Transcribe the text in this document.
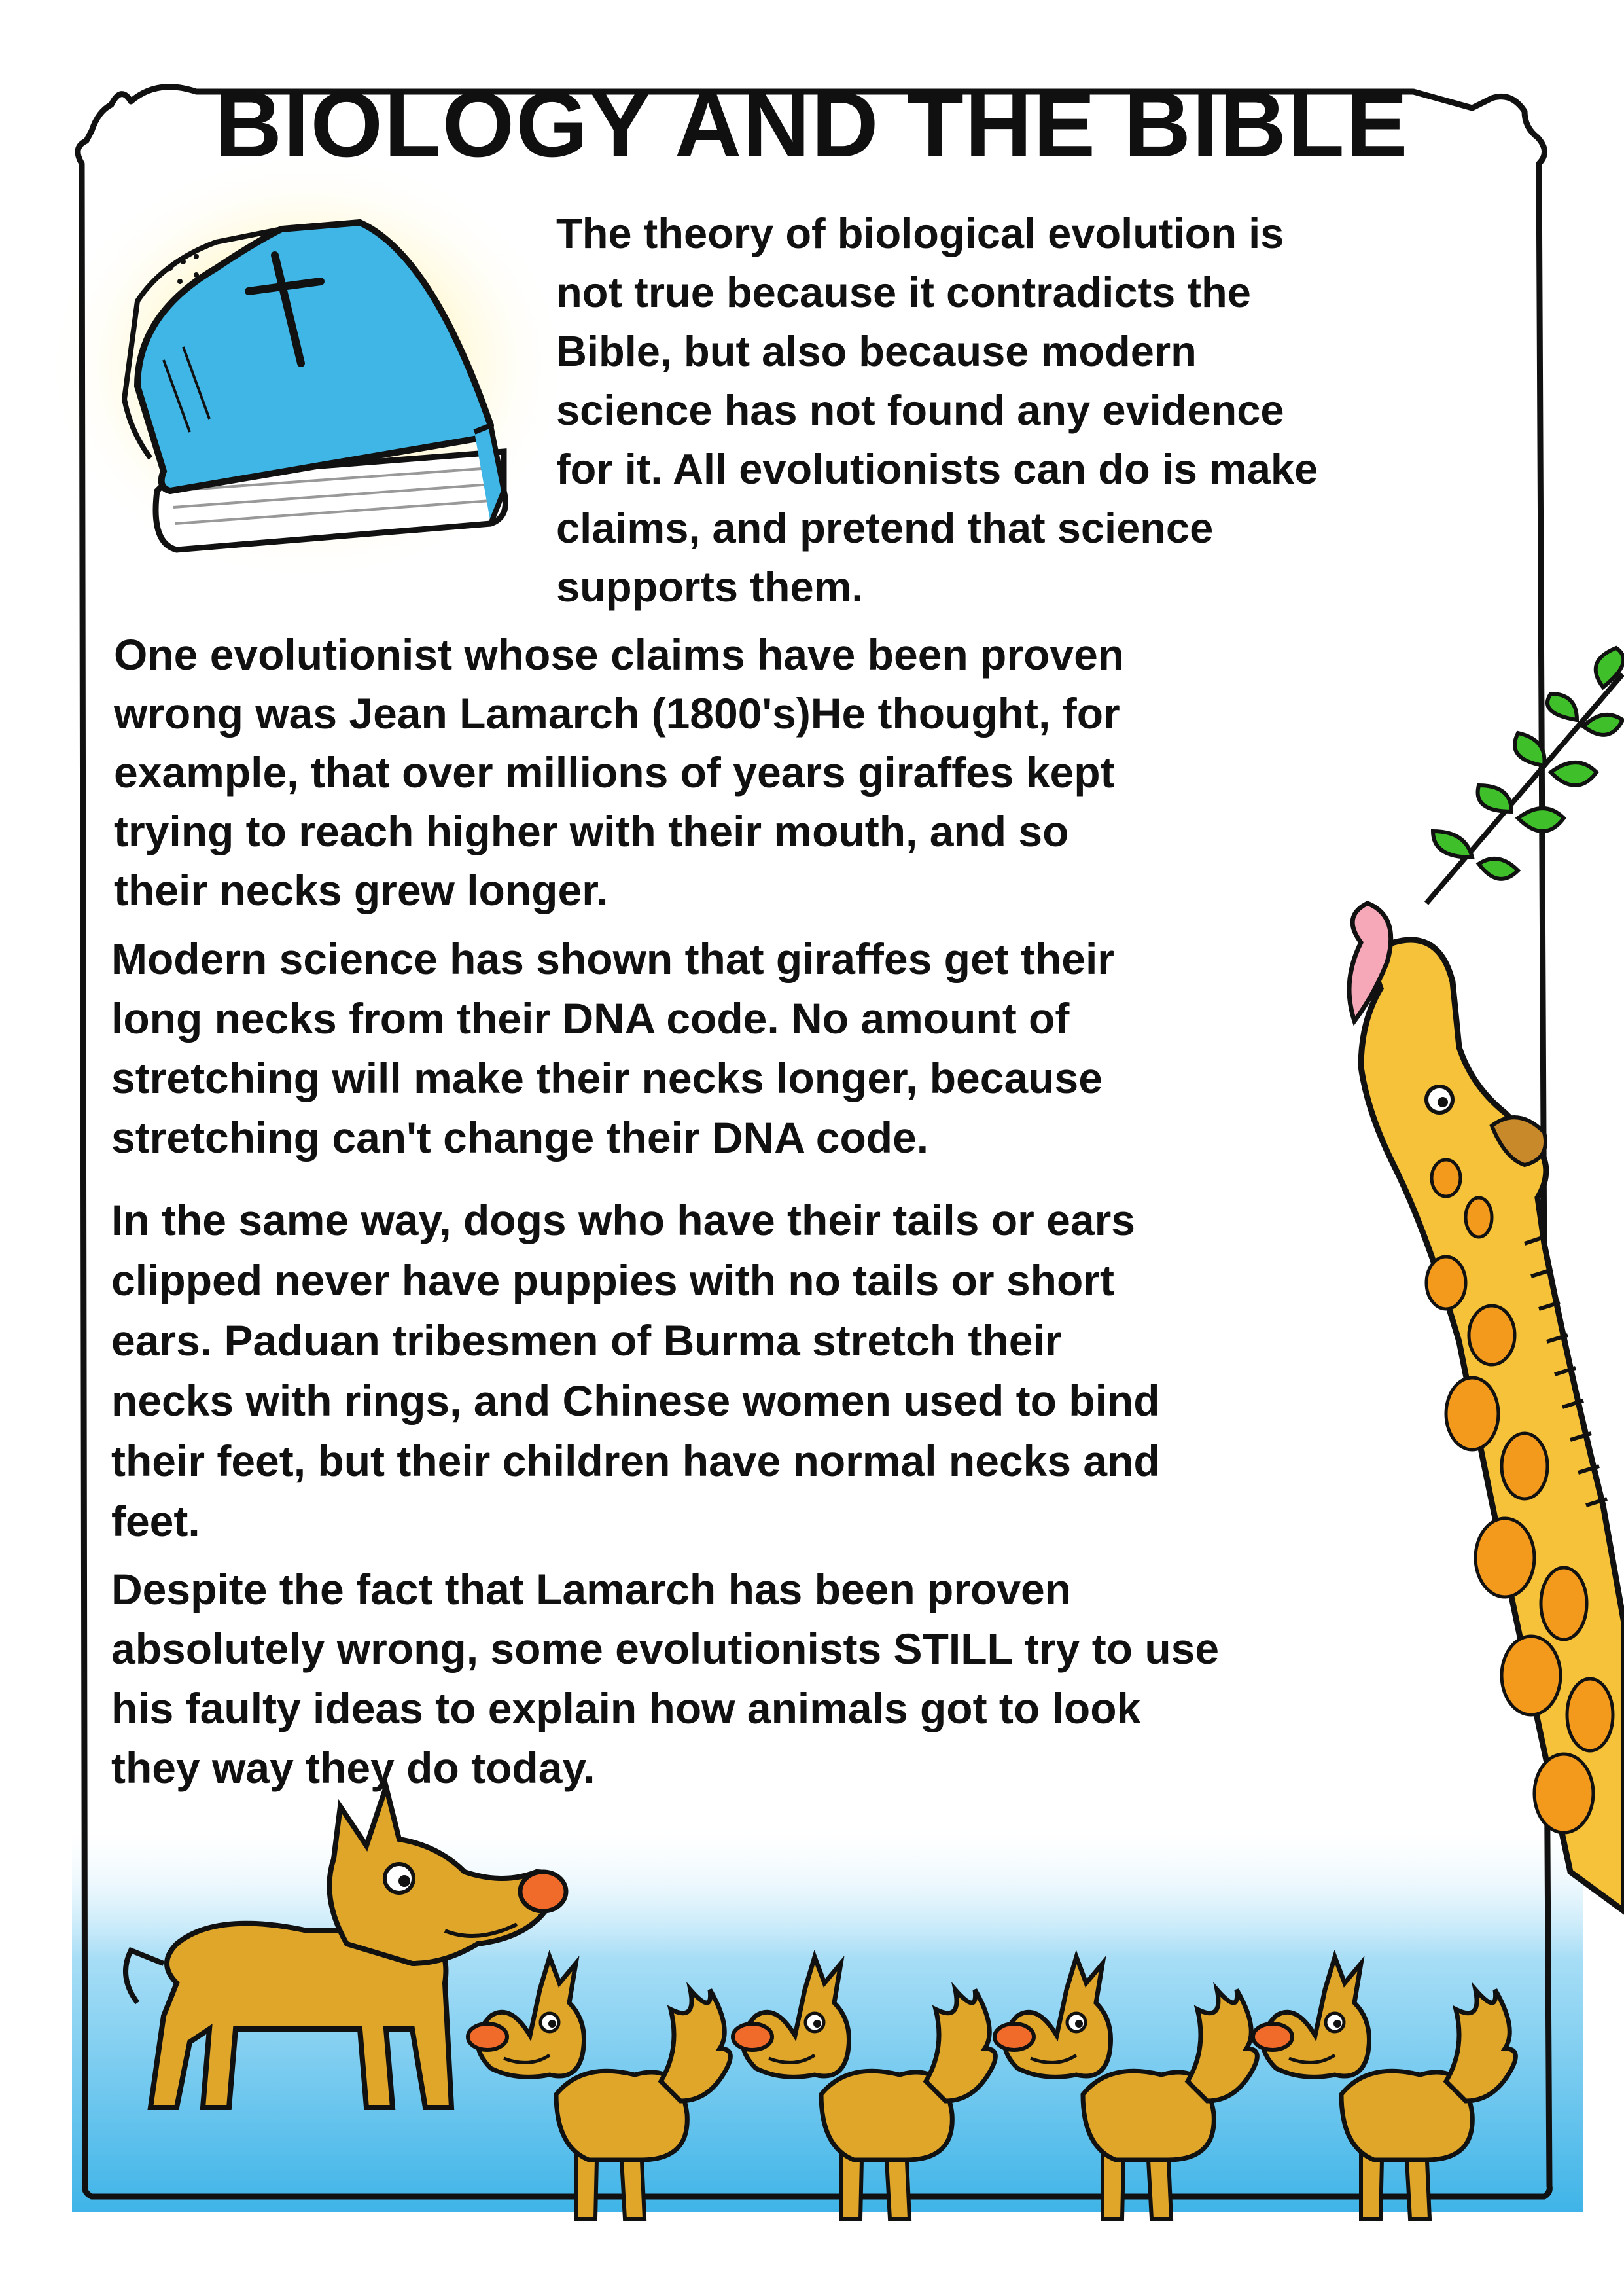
BIOLOGY AND THE BIBLE
The theory of biological evolution is
not true because it contradicts the
Bible, but also because modern
science has not found any evidence
for it. All evolutionists can do is make
claims, and pretend that science
supports them.
One evolutionist whose claims have been proven
wrong was Jean Lamarch (1800's)He thought, for
example, that over millions of years giraffes kept
trying to reach higher with their mouth, and so
their necks grew longer.
Modern science has shown that giraffes get their
long necks from their DNA code. No amount of
stretching will make their necks longer, because
stretching can't change their DNA code.
In the same way, dogs who have their tails or ears
clipped never have puppies with no tails or short
ears. Paduan tribesmen of Burma stretch their
necks with rings, and Chinese women used to bind
their feet, but their children have normal necks and
feet.
Despite the fact that Lamarch has been proven
absolutely wrong, some evolutionists STILL try to use
his faulty ideas to explain how animals got to look
they way they do today.
